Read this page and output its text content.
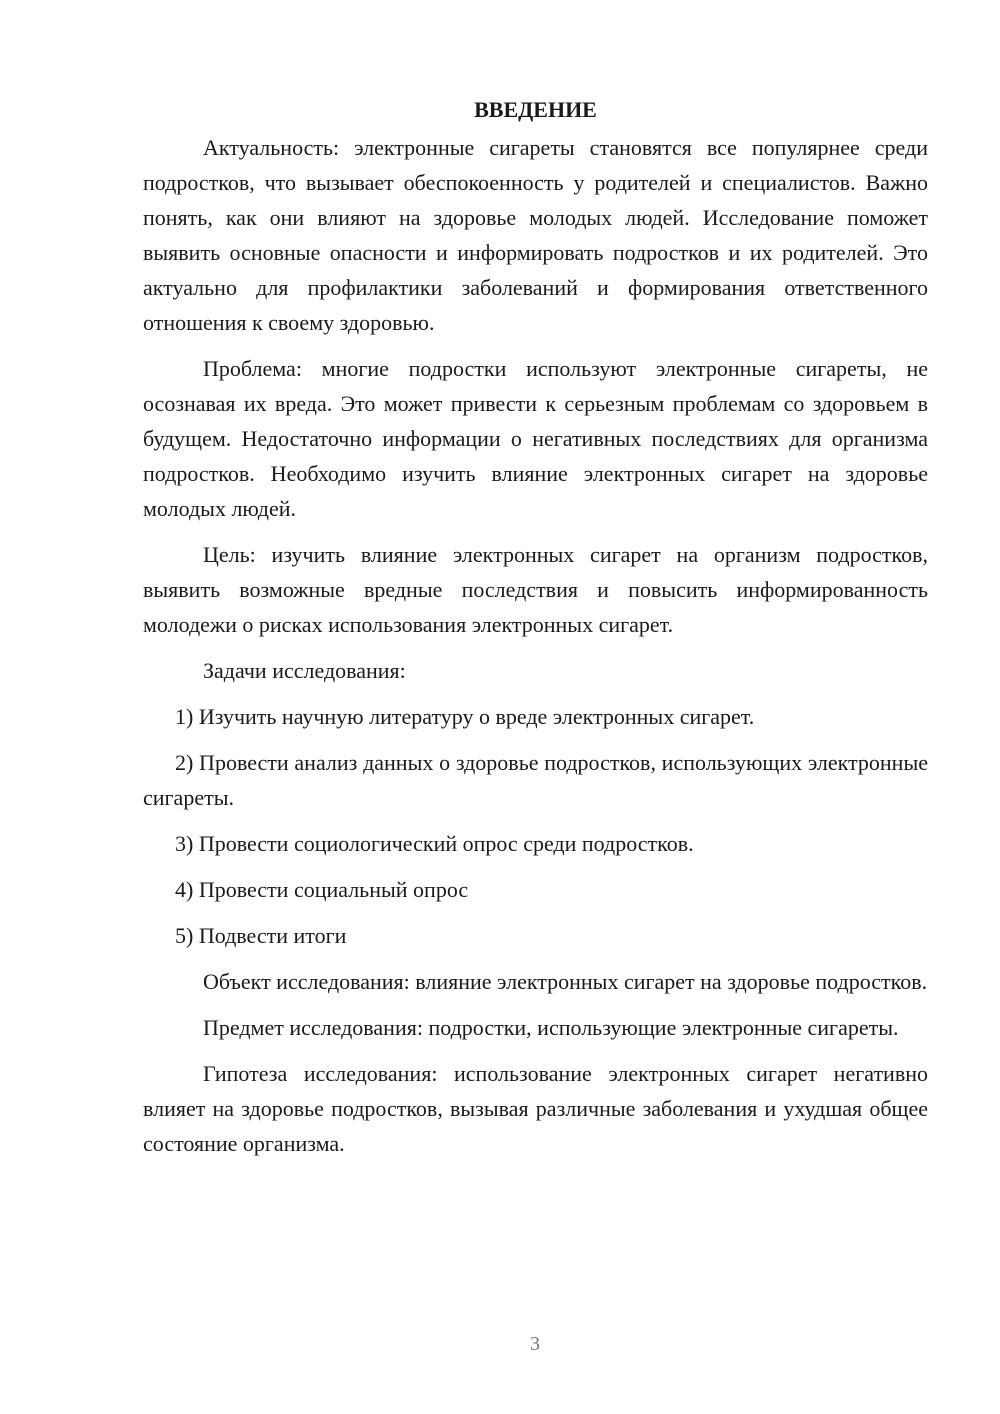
ВВЕДЕНИЕ
Актуальность: электронные сигареты становятся все популярнее среди подростков, что вызывает обеспокоенность у родителей и специалистов. Важно понять, как они влияют на здоровье молодых людей. Исследование поможет выявить основные опасности и информировать подростков и их родителей. Это актуально для профилактики заболеваний и формирования ответственного отношения к своему здоровью.
Проблема: многие подростки используют электронные сигареты, не осознавая их вреда. Это может привести к серьезным проблемам со здоровьем в будущем. Недостаточно информации о негативных последствиях для организма подростков. Необходимо изучить влияние электронных сигарет на здоровье молодых людей.
Цель: изучить влияние электронных сигарет на организм подростков, выявить возможные вредные последствия и повысить информированность молодежи о рисках использования электронных сигарет.
Задачи исследования:
1) Изучить научную литературу о вреде электронных сигарет.
2) Провести анализ данных о здоровье подростков, использующих электронные сигареты.
3) Провести социологический опрос среди подростков.
4) Провести социальный опрос
5) Подвести итоги
Объект исследования: влияние электронных сигарет на здоровье подростков.
Предмет исследования: подростки, использующие электронные сигареты.
Гипотеза исследования: использование электронных сигарет негативно влияет на здоровье подростков, вызывая различные заболевания и ухудшая общее состояние организма.
3
